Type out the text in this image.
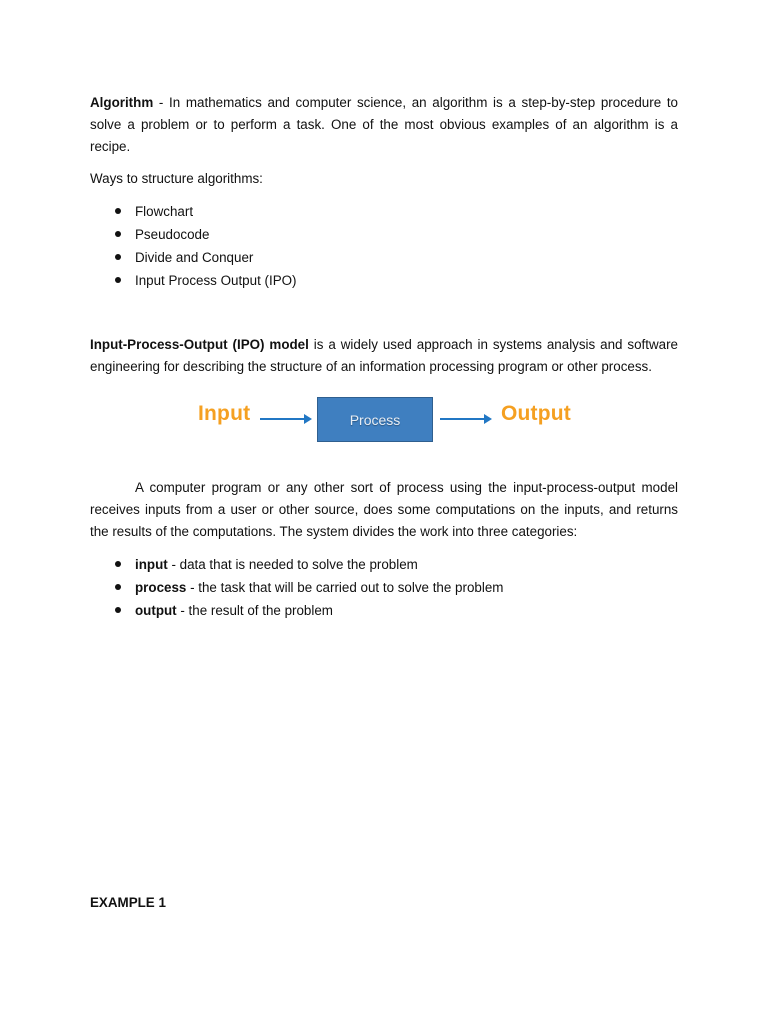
Algorithm - In mathematics and computer science, an algorithm is a step-by-step procedure to solve a problem or to perform a task. One of the most obvious examples of an algorithm is a recipe.

Ways to structure algorithms:

Flowchart
Pseudocode
Divide and Conquer
Input Process Output (IPO)

Input-Process-Output (IPO) model is a widely used approach in systems analysis and software engineering for describing the structure of an information processing program or other process.

Input	Process	Output

A computer program or any other sort of process using the input-process-output model receives inputs from a user or other source, does some computations on the inputs, and returns the results of the computations. The system divides the work into three categories:

input - data that is needed to solve the problem
process - the task that will be carried out to solve the problem
output - the result of the problem
EXAMPLE 1
